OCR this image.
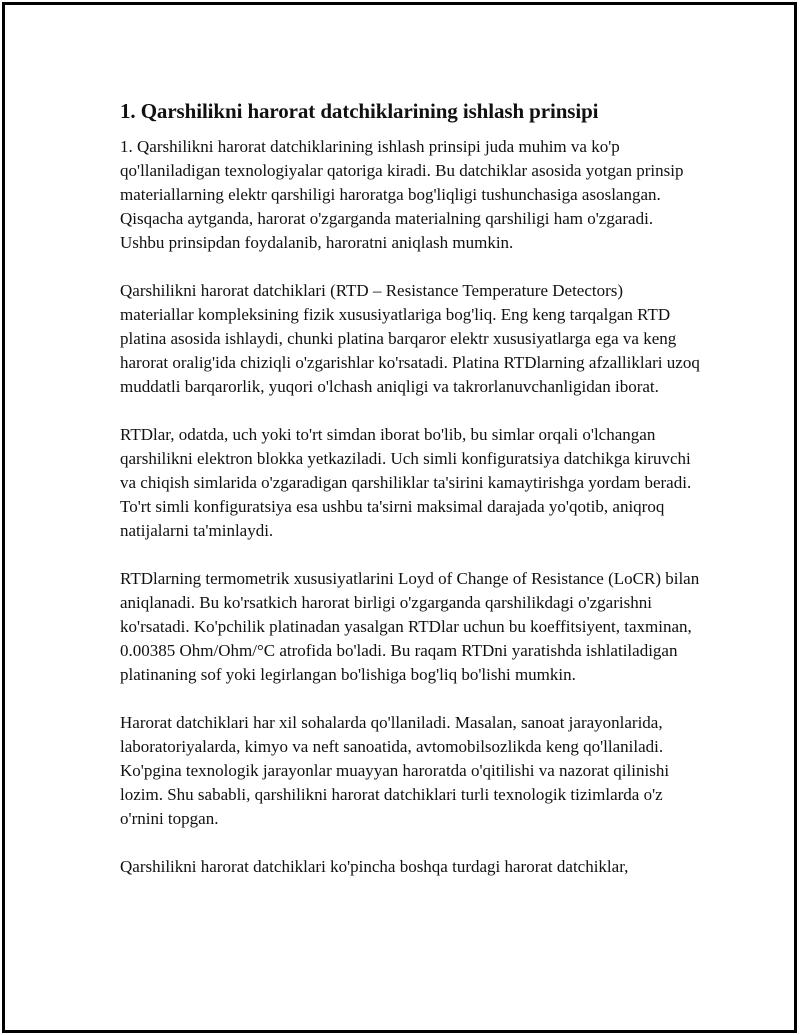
1. Qarshilikni harorat datchiklarining ishlash prinsipi

1. Qarshilikni harorat datchiklarining ishlash prinsipi juda muhim va ko'p qo'llaniladigan texnologiyalar qatoriga kiradi. Bu datchiklar asosida yotgan prinsip materiallarning elektr qarshiligi haroratga bog'liqligi tushunchasiga asoslangan. Qisqacha aytganda, harorat o'zgarganda materialning qarshiligi ham o'zgaradi. Ushbu prinsipdan foydalanib, haroratni aniqlash mumkin.

Qarshilikni harorat datchiklari (RTD – Resistance Temperature Detectors) materiallar kompleksining fizik xususiyatlariga bog'liq. Eng keng tarqalgan RTD platina asosida ishlaydi, chunki platina barqaror elektr xususiyatlarga ega va keng harorat oralig'ida chiziqli o'zgarishlar ko'rsatadi. Platina RTDlarning afzalliklari uzoq muddatli barqarorlik, yuqori o'lchash aniqligi va takrorlanuvchanligidan iborat.

RTDlar, odatda, uch yoki to'rt simdan iborat bo'lib, bu simlar orqali o'lchangan qarshilikni elektron blokka yetkaziladi. Uch simli konfiguratsiya datchikga kiruvchi va chiqish simlarida o'zgaradigan qarshiliklar ta'sirini kamaytirishga yordam beradi. To'rt simli konfiguratsiya esa ushbu ta'sirni maksimal darajada yo'qotib, aniqroq natijalarni ta'minlaydi.

RTDlarning termometrik xususiyatlarini Loyd of Change of Resistance (LoCR) bilan aniqlanadi. Bu ko'rsatkich harorat birligi o'zgarganda qarshilikdagi o'zgarishni ko'rsatadi. Ko'pchilik platinadan yasalgan RTDlar uchun bu koeffitsiyent, taxminan, 0.00385 Ohm/Ohm/°C atrofida bo'ladi. Bu raqam RTDni yaratishda ishlatiladigan platinaning sof yoki legirlangan bo'lishiga bog'liq bo'lishi mumkin.

Harorat datchiklari har xil sohalarda qo'llaniladi. Masalan, sanoat jarayonlarida, laboratoriyalarda, kimyo va neft sanoatida, avtomobilsozlikda keng qo'llaniladi. Ko'pgina texnologik jarayonlar muayyan haroratda o'qitilishi va nazorat qilinishi lozim. Shu sababli, qarshilikni harorat datchiklari turli texnologik tizimlarda o'z o'rnini topgan.

Qarshilikni harorat datchiklari ko'pincha boshqa turdagi harorat datchiklar,
